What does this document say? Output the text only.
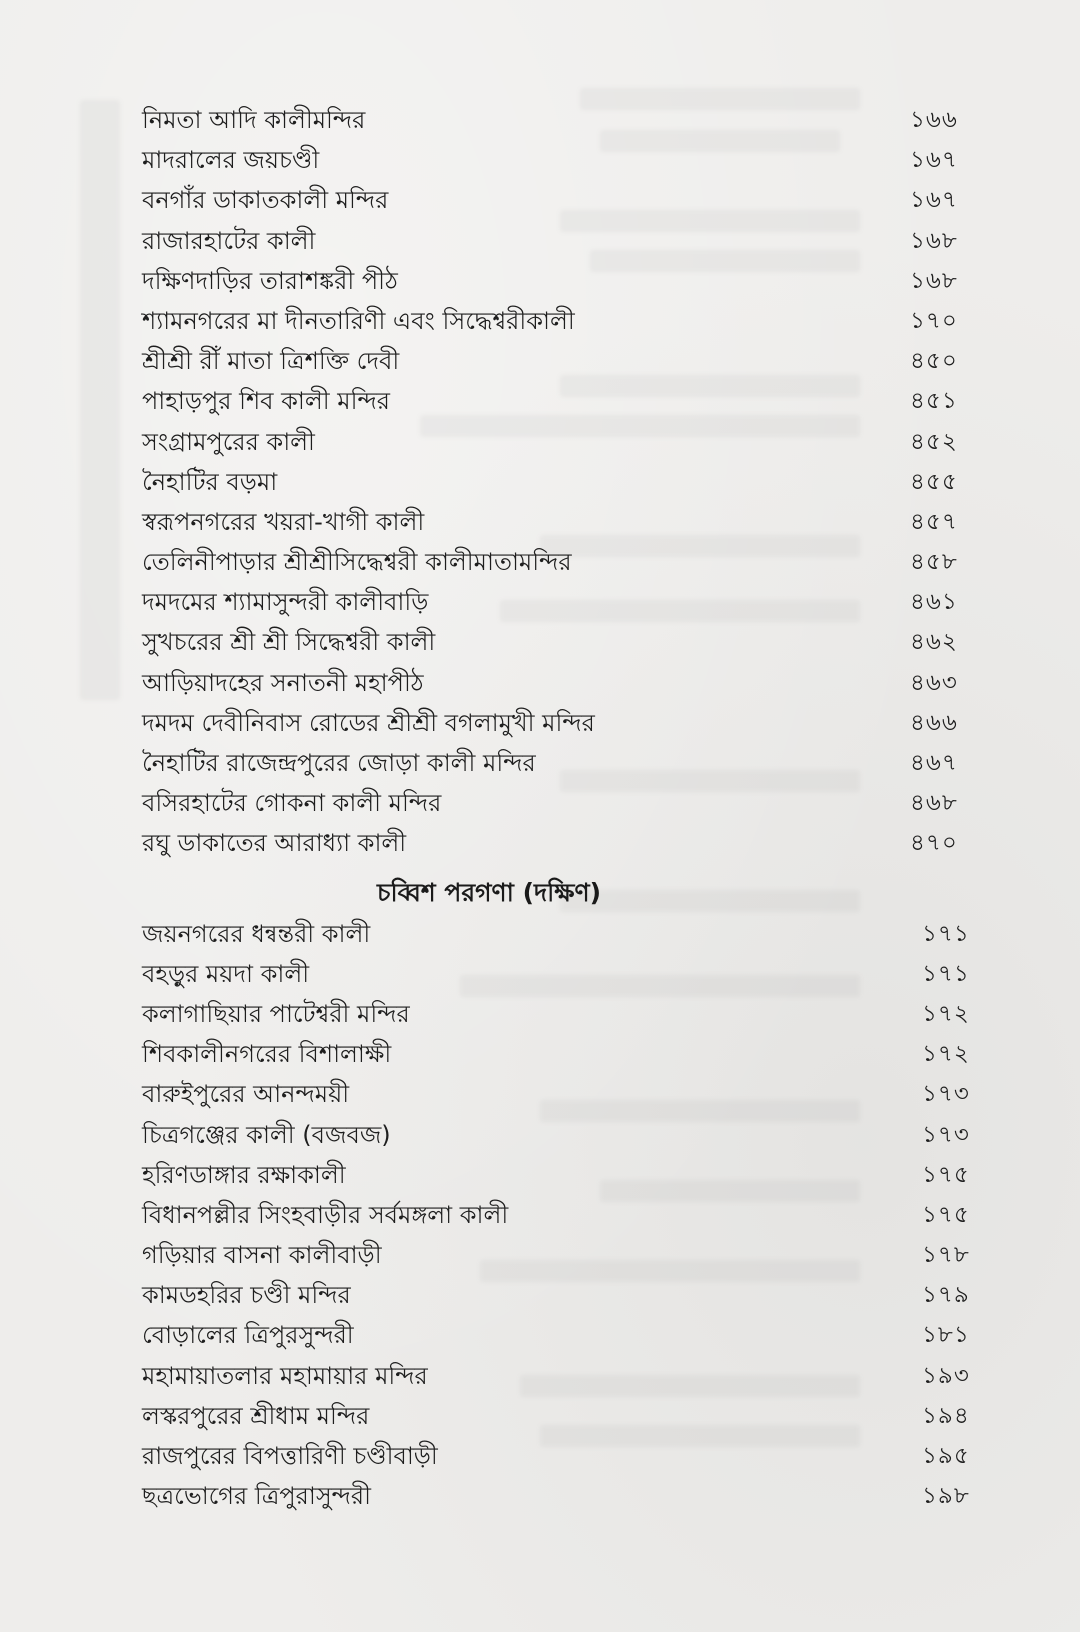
নিমতা আদি কালীমন্দির	১৬৬
মাদরালের জয়চণ্ডী	১৬৭
বনগাঁর ডাকাতকালী মন্দির	১৬৭
রাজারহাটের কালী	১৬৮
দক্ষিণদাড়ির তারাশঙ্করী পীঠ	১৬৮
শ্যামনগরের মা দীনতারিণী এবং সিদ্ধেশ্বরীকালী	১৭০
শ্রীশ্রী রীঁ মাতা ত্রিশক্তি দেবী	৪৫০
পাহাড়পুর শিব কালী মন্দির	৪৫১
সংগ্রামপুরের কালী	৪৫২
নৈহাটির বড়মা	৪৫৫
স্বরূপনগরের খয়রা-খাগী কালী	৪৫৭
তেলিনীপাড়ার শ্রীশ্রীসিদ্ধেশ্বরী কালীমাতামন্দির	৪৫৮
দমদমের শ্যামাসুন্দরী কালীবাড়ি	৪৬১
সুখচরের শ্রী শ্রী সিদ্ধেশ্বরী কালী	৪৬২
আড়িয়াদহের সনাতনী মহাপীঠ	৪৬৩
দমদম দেবীনিবাস রোডের শ্রীশ্রী বগলামুখী মন্দির	৪৬৬
নৈহাটির রাজেন্দ্রপুরের জোড়া কালী মন্দির	৪৬৭
বসিরহাটের গোকনা কালী মন্দির	৪৬৮
রঘু ডাকাতের আরাধ্যা কালী	৪৭০
চব্বিশ পরগণা (দক্ষিণ)
জয়নগরের ধন্বন্তরী কালী	১৭১
বহড়ুর ময়দা কালী	১৭১
কলাগাছিয়ার পাটেশ্বরী মন্দির	১৭২
শিবকালীনগরের বিশালাক্ষী	১৭২
বারুইপুরের আনন্দময়ী	১৭৩
চিত্রগঞ্জের কালী (বজবজ)	১৭৩
হরিণডাঙ্গার রক্ষাকালী	১৭৫
বিধানপল্লীর সিংহবাড়ীর সর্বমঙ্গলা কালী	১৭৫
গড়িয়ার বাসনা কালীবাড়ী	১৭৮
কামডহরির চণ্ডী মন্দির	১৭৯
বোড়ালের ত্রিপুরসুন্দরী	১৮১
মহামায়াতলার মহামায়ার মন্দির	১৯৩
লস্করপুরের শ্রীধাম মন্দির	১৯৪
রাজপুরের বিপত্তারিণী চণ্ডীবাড়ী	১৯৫
ছত্রভোগের ত্রিপুরাসুন্দরী	১৯৮
